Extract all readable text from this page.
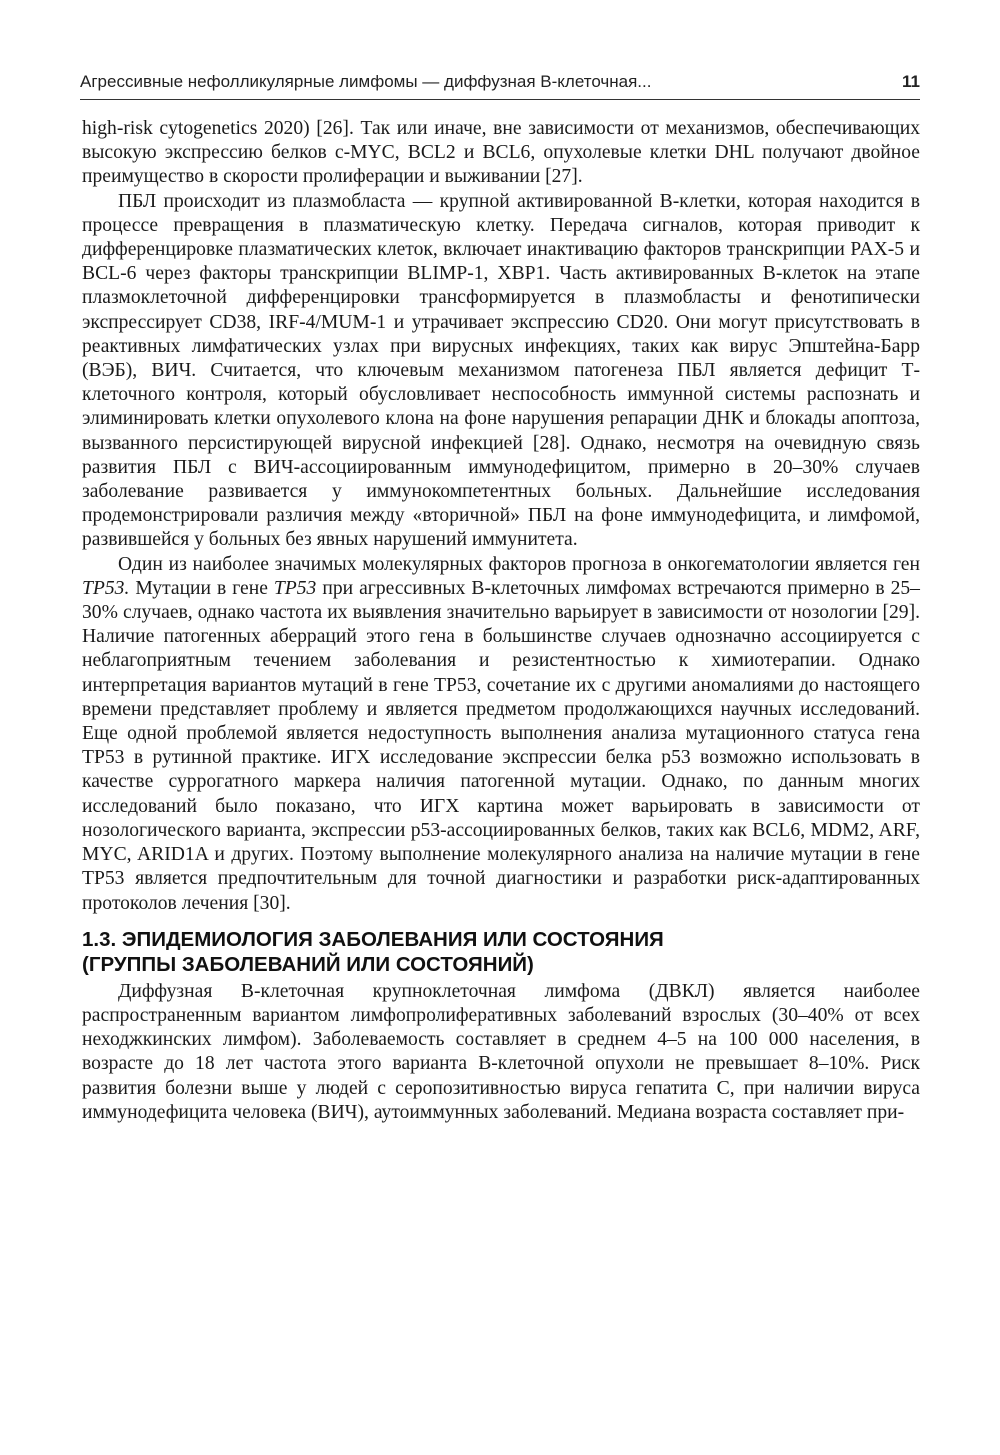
Агрессивные нефолликулярные лимфомы — диффузная В-клеточная...	11

high-risk cytogenetics 2020) [26]. Так или иначе, вне зависимости от механизмов, обеспечивающих высокую экспрессию белков c-MYC, BCL2 и BCL6, опухолевые клетки DHL получают двойное преимущество в скорости пролиферации и выживании [27].

ПБЛ происходит из плазмобласта — крупной активированной В-клетки, которая находится в процессе превращения в плазматическую клетку. Передача сигналов, которая приводит к дифференцировке плазматических клеток, включает инактивацию факторов транскрипции PAX-5 и BCL-6 через факторы транскрипции BLIMP-1, XBP1. Часть активированных В-клеток на этапе плазмоклеточной дифференцировки трансформируется в плазмобласты и фенотипически экспрессирует CD38, IRF-4/MUM-1 и утрачивает экспрессию CD20. Они могут присутствовать в реактивных лимфатических узлах при вирусных инфекциях, таких как вирус Эпштейна-Барр (ВЭБ), ВИЧ. Считается, что ключевым механизмом патогенеза ПБЛ является дефицит Т-клеточного контроля, который обусловливает неспособность иммунной системы распознать и элиминировать клетки опухолевого клона на фоне нарушения репарации ДНК и блокады апоптоза, вызванного персистирующей вирусной инфекцией [28]. Однако, несмотря на очевидную связь развития ПБЛ с ВИЧ-ассоциированным иммунодефицитом, примерно в 20–30% случаев заболевание развивается у иммунокомпетентных больных. Дальнейшие исследования продемонстрировали различия между «вторичной» ПБЛ на фоне иммунодефицита, и лимфомой, развившейся у больных без явных нарушений иммунитета.

Один из наиболее значимых молекулярных факторов прогноза в онкогематологии является ген TP53. Мутации в гене TP53 при агрессивных В-клеточных лимфомах встречаются примерно в 25–30% случаев, однако частота их выявления значительно варьирует в зависимости от нозологии [29]. Наличие патогенных аберраций этого гена в большинстве случаев однозначно ассоциируется с неблагоприятным течением заболевания и резистентностью к химиотерапии. Однако интерпретация вариантов мутаций в гене ТР53, сочетание их с другими аномалиями до настоящего времени представляет проблему и является предметом продолжающихся научных исследований. Еще одной проблемой является недоступность выполнения анализа мутационного статуса гена ТР53 в рутинной практике. ИГХ исследование экспрессии белка р53 возможно использовать в качестве суррогатного маркера наличия патогенной мутации. Однако, по данным многих исследований было показано, что ИГХ картина может варьировать в зависимости от нозологического варианта, экспрессии р53-ассоциированных белков, таких как BCL6, MDM2, ARF, MYC, ARID1A и других. Поэтому выполнение молекулярного анализа на наличие мутации в гене ТР53 является предпочтительным для точной диагностики и разработки риск-адаптированных протоколов лечения [30].

1.3. ЭПИДЕМИОЛОГИЯ ЗАБОЛЕВАНИЯ ИЛИ СОСТОЯНИЯ
(ГРУППЫ ЗАБОЛЕВАНИЙ ИЛИ СОСТОЯНИЙ)

Диффузная В-клеточная крупноклеточная лимфома (ДВКЛ) является наиболее распространенным вариантом лимфопролиферативных заболеваний взрослых (30–40% от всех неходжкинских лимфом). Заболеваемость составляет в среднем 4–5 на 100 000 населения, в возрасте до 18 лет частота этого варианта В-клеточной опухоли не превышает 8–10%. Риск развития болезни выше у людей с серопозитивностью вируса гепатита С, при наличии вируса иммунодефицита человека (ВИЧ), аутоиммунных заболеваний. Медиана возраста составляет при-
